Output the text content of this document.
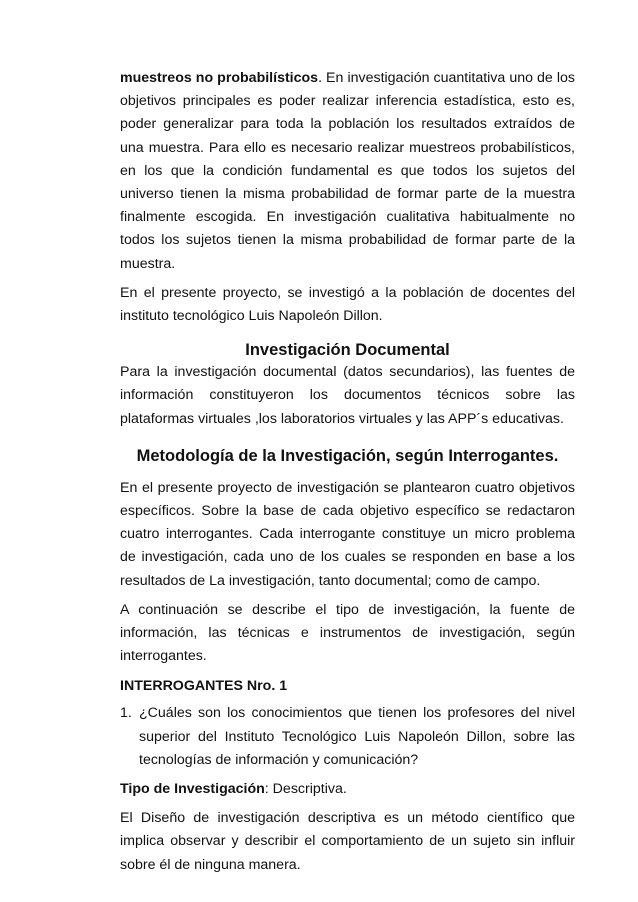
muestreos no probabilísticos. En investigación cuantitativa uno de los objetivos principales es poder realizar inferencia estadística, esto es, poder generalizar para toda la población los resultados extraídos de una muestra. Para ello es necesario realizar muestreos probabilísticos, en los que la condición fundamental es que todos los sujetos del universo tienen la misma probabilidad de formar parte de la muestra finalmente escogida. En investigación cualitativa habitualmente no todos los sujetos tienen la misma probabilidad de formar parte de la muestra.

En el presente proyecto, se investigó a la población de docentes del instituto tecnológico Luis Napoleón Dillon.

Investigación Documental

Para la investigación documental (datos secundarios), las fuentes de información constituyeron los documentos técnicos sobre las plataformas virtuales ,los laboratorios virtuales y las APP´s educativas.

Metodología de la Investigación, según Interrogantes.

En el presente proyecto de investigación se plantearon cuatro objetivos específicos. Sobre la base de cada objetivo específico se redactaron cuatro interrogantes. Cada interrogante constituye un micro problema de investigación, cada uno de los cuales se responden en base a los resultados de La investigación, tanto documental; como de campo.

A continuación se describe el tipo de investigación, la fuente de información, las técnicas e instrumentos de investigación, según interrogantes.

INTERROGANTES Nro. 1

1. ¿Cuáles son los conocimientos que tienen los profesores del nivel superior del Instituto Tecnológico Luis Napoleón Dillon, sobre las tecnologías de información y comunicación?

Tipo de Investigación: Descriptiva.

El Diseño de investigación descriptiva es un método científico que implica observar y describir el comportamiento de un sujeto sin influir sobre él de ninguna manera.
